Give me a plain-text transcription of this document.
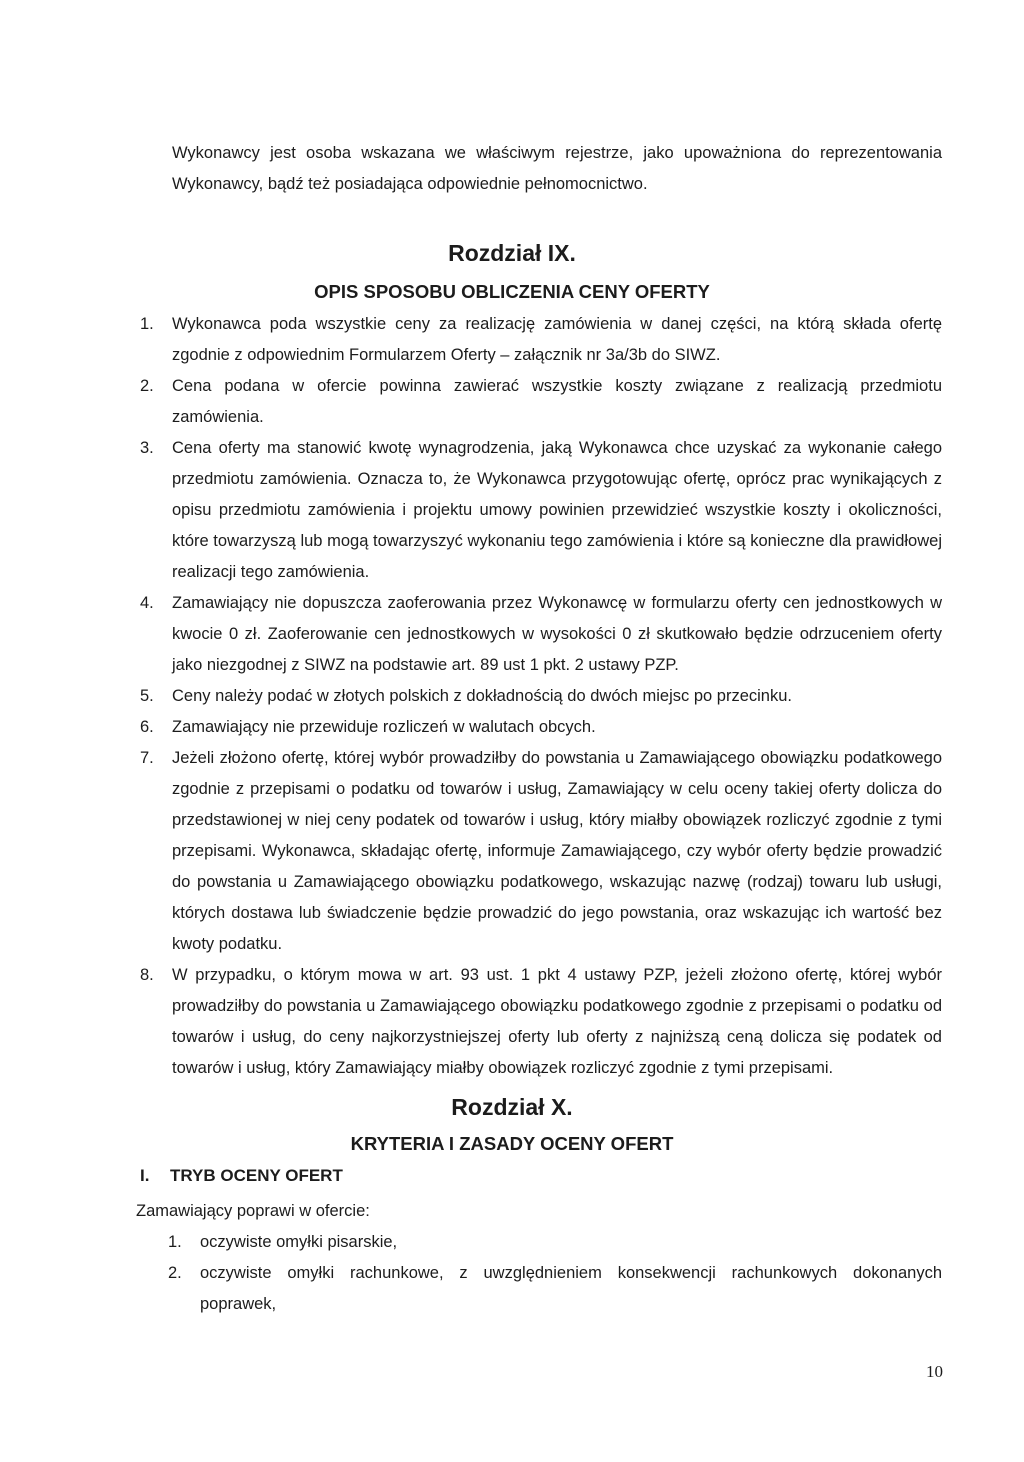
Wykonawcy jest osoba wskazana we właściwym rejestrze, jako upoważniona do reprezentowania Wykonawcy, bądź też posiadająca odpowiednie pełnomocnictwo.

Rozdział IX.
OPIS SPOSOBU OBLICZENIA CENY OFERTY
1. Wykonawca poda wszystkie ceny za realizację zamówienia w danej części, na którą składa ofertę zgodnie z odpowiednim Formularzem Oferty – załącznik nr 3a/3b do SIWZ.
2. Cena podana w ofercie powinna zawierać wszystkie koszty związane z realizacją przedmiotu zamówienia.
3. Cena oferty ma stanowić kwotę wynagrodzenia, jaką Wykonawca chce uzyskać za wykonanie całego przedmiotu zamówienia. Oznacza to, że Wykonawca przygotowując ofertę, oprócz prac wynikających z opisu przedmiotu zamówienia i projektu umowy powinien przewidzieć wszystkie koszty i okoliczności, które towarzyszą lub mogą towarzyszyć wykonaniu tego zamówienia i które są konieczne dla prawidłowej realizacji tego zamówienia.
4. Zamawiający nie dopuszcza zaoferowania przez Wykonawcę w formularzu oferty cen jednostkowych w kwocie 0 zł. Zaoferowanie cen jednostkowych w wysokości 0 zł skutkowało będzie odrzuceniem oferty jako niezgodnej z SIWZ na podstawie art. 89 ust 1 pkt. 2 ustawy PZP.
5. Ceny należy podać w złotych polskich z dokładnością do dwóch miejsc po przecinku.
6. Zamawiający nie przewiduje rozliczeń w walutach obcych.
7. Jeżeli złożono ofertę, której wybór prowadziłby do powstania u Zamawiającego obowiązku podatkowego zgodnie z przepisami o podatku od towarów i usług, Zamawiający w celu oceny takiej oferty dolicza do przedstawionej w niej ceny podatek od towarów i usług, który miałby obowiązek rozliczyć zgodnie z tymi przepisami. Wykonawca, składając ofertę, informuje Zamawiającego, czy wybór oferty będzie prowadzić do powstania u Zamawiającego obowiązku podatkowego, wskazując nazwę (rodzaj) towaru lub usługi, których dostawa lub świadczenie będzie prowadzić do jego powstania, oraz wskazując ich wartość bez kwoty podatku.
8. W przypadku, o którym mowa w art. 93 ust. 1 pkt 4 ustawy PZP, jeżeli złożono ofertę, której wybór prowadziłby do powstania u Zamawiającego obowiązku podatkowego zgodnie z przepisami o podatku od towarów i usług, do ceny najkorzystniejszej oferty lub oferty z najniższą ceną dolicza się podatek od towarów i usług, który Zamawiający miałby obowiązek rozliczyć zgodnie z tymi przepisami.
Rozdział X.
KRYTERIA I ZASADY OCENY OFERT
I. TRYB OCENY OFERT
Zamawiający poprawi w ofercie:
1. oczywiste omyłki pisarskie,
2. oczywiste omyłki rachunkowe, z uwzględnieniem konsekwencji rachunkowych dokonanych poprawek,
10
